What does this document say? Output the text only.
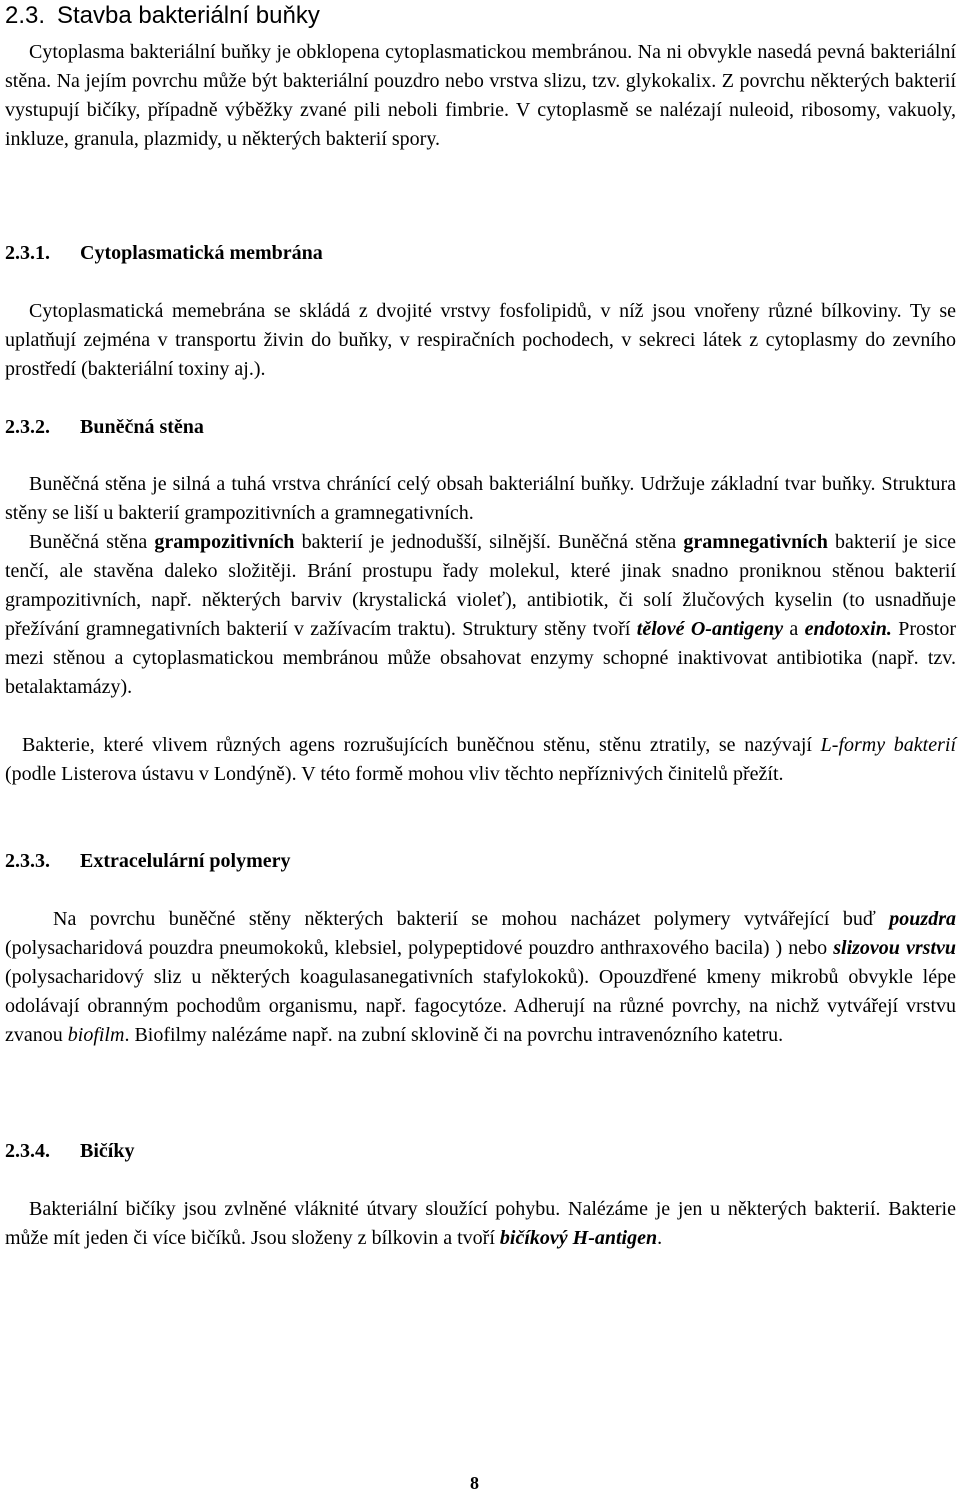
2.3. Stavba bakteriální buňky
Cytoplasma bakteriální buňky je obklopena cytoplasmatickou membránou. Na ni obvykle nasedá pevná bakteriální stěna. Na jejím povrchu může být bakteriální pouzdro nebo vrstva slizu, tzv. glykokalix. Z povrchu některých bakterií vystupují bičíky, případně výběžky zvané pili neboli fimbrie. V cytoplasmě se nalézají nuleoid, ribosomy, vakuoly, inkluze, granula, plazmidy, u některých bakterií spory.
2.3.1. Cytoplasmatická membrána
Cytoplasmatická memebrána se skládá z dvojité vrstvy fosfolipidů, v níž jsou vnořeny různé bílkoviny. Ty se uplatňují zejména v transportu živin do buňky, v respiračních pochodech, v sekreci látek z cytoplasmy do zevního prostředí (bakteriální toxiny aj.).
2.3.2. Buněčná stěna
Buněčná stěna je silná a tuhá vrstva chránící celý obsah bakteriální buňky. Udržuje základní tvar buňky. Struktura stěny se liší u bakterií grampozitivních a gramnegativních.
Buněčná stěna grampozitivních bakterií je jednodušší, silnější. Buněčná stěna gramnegativních bakterií je sice tenčí, ale stavěna daleko složitěji. Brání prostupu řady molekul, které jinak snadno proniknou stěnou bakterií grampozitivních, např. některých barviv (krystalická violeť), antibiotik, či solí žlučových kyselin (to usnadňuje přežívání gramnegativních bakterií v zažívacím traktu). Struktury stěny tvoří tělové O-antigeny a endotoxin. Prostor mezi stěnou a cytoplasmatickou membránou může obsahovat enzymy schopné inaktivovat antibiotika (např. tzv. betalaktamázy).
Bakterie, které vlivem různých agens rozrušujících buněčnou stěnu, stěnu ztratily, se nazývají L-formy bakterií (podle Listerova ústavu v Londýně). V této formě mohou vliv těchto nepříznivých činitelů přežít.
2.3.3. Extracelulární polymery
Na povrchu buněčné stěny některých bakterií se mohou nacházet polymery vytvářející buď pouzdra (polysacharidová pouzdra pneumokoků, klebsiel, polypeptidové pouzdro anthraxového bacila) ) nebo slizovou vrstvu (polysacharidový sliz u některých koagulasanegativních stafylokoků). Opouzdřené kmeny mikrobů obvykle lépe odolávají obranným pochodům organismu, např. fagocytóze. Adherují na různé povrchy, na nichž vytvářejí vrstvu zvanou biofilm. Biofilmy nalézáme např. na zubní sklovině či na povrchu intravenózního katetru.
2.3.4. Bičíky
Bakteriální bičíky jsou zvlněné vláknité útvary sloužící pohybu. Nalézáme je jen u některých bakterií. Bakterie může mít jeden či více bičíků. Jsou složeny z bílkovin a tvoří bičíkový H-antigen.
8
